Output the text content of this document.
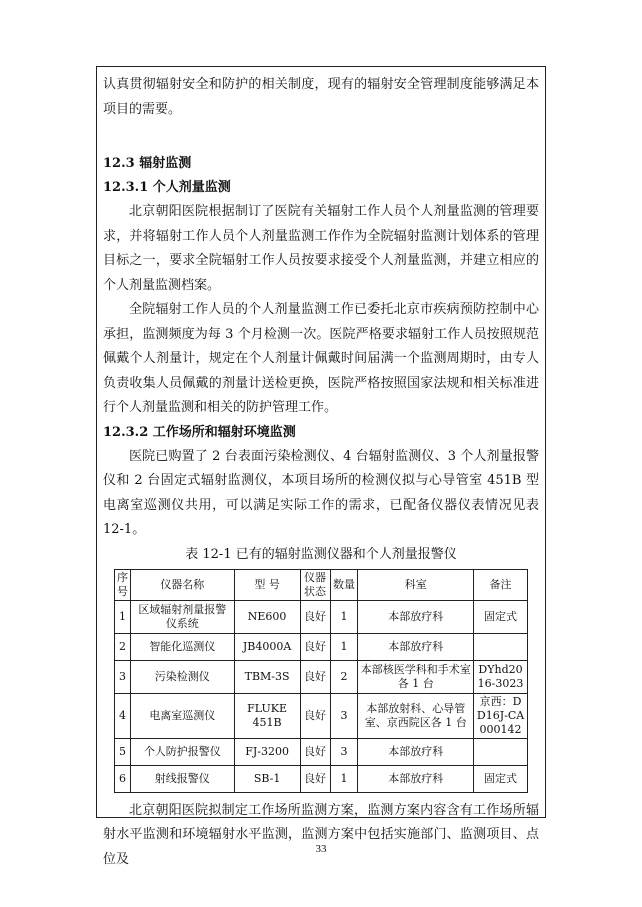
认真贯彻辐射安全和防护的相关制度，现有的辐射安全管理制度能够满足本项目的需要。

12.3 辐射监测
12.3.1 个人剂量监测

北京朝阳医院根据制订了医院有关辐射工作人员个人剂量监测的管理要求，并将辐射工作人员个人剂量监测工作作为全院辐射监测计划体系的管理目标之一，要求全院辐射工作人员按要求接受个人剂量监测，并建立相应的个人剂量监测档案。

全院辐射工作人员的个人剂量监测工作已委托北京市疾病预防控制中心承担，监测频度为每 3 个月检测一次。医院严格要求辐射工作人员按照规范佩戴个人剂量计，规定在个人剂量计佩戴时间届满一个监测周期时，由专人负责收集人员佩戴的剂量计送检更换，医院严格按照国家法规和相关标准进行个人剂量监测和相关的防护管理工作。

12.3.2 工作场所和辐射环境监测

医院已购置了 2 台表面污染检测仪、4 台辐射监测仪、3 个人剂量报警仪和 2 台固定式辐射监测仪，本项目场所的检测仪拟与心导管室 451B 型电离室巡测仪共用，可以满足实际工作的需求，已配备仪器仪表情况见表 12-1。

表 12-1 已有的辐射监测仪器和个人剂量报警仪
序号	仪器名称	型 号	仪器状态	数量	科室	备注
1	区域辐射剂量报警仪系统	NE600	良好	1	本部放疗科	固定式
2	智能化巡测仪	JB4000A	良好	1	本部放疗科	
3	污染检测仪	TBM-3S	良好	2	本部核医学科和手术室各 1 台	DYhd2016-3023
4	电离室巡测仪	FLUKE 451B	良好	3	本部放射科、心导管室、京西院区各 1 台	京西：DD16J-CA000142
5	个人防护报警仪	FJ-3200	良好	3	本部放疗科	
6	射线报警仪	SB-1	良好	1	本部放疗科	固定式

北京朝阳医院拟制定工作场所监测方案，监测方案内容含有工作场所辐射水平监测和环境辐射水平监测，监测方案中包括实施部门、监测项目、点位及

33
